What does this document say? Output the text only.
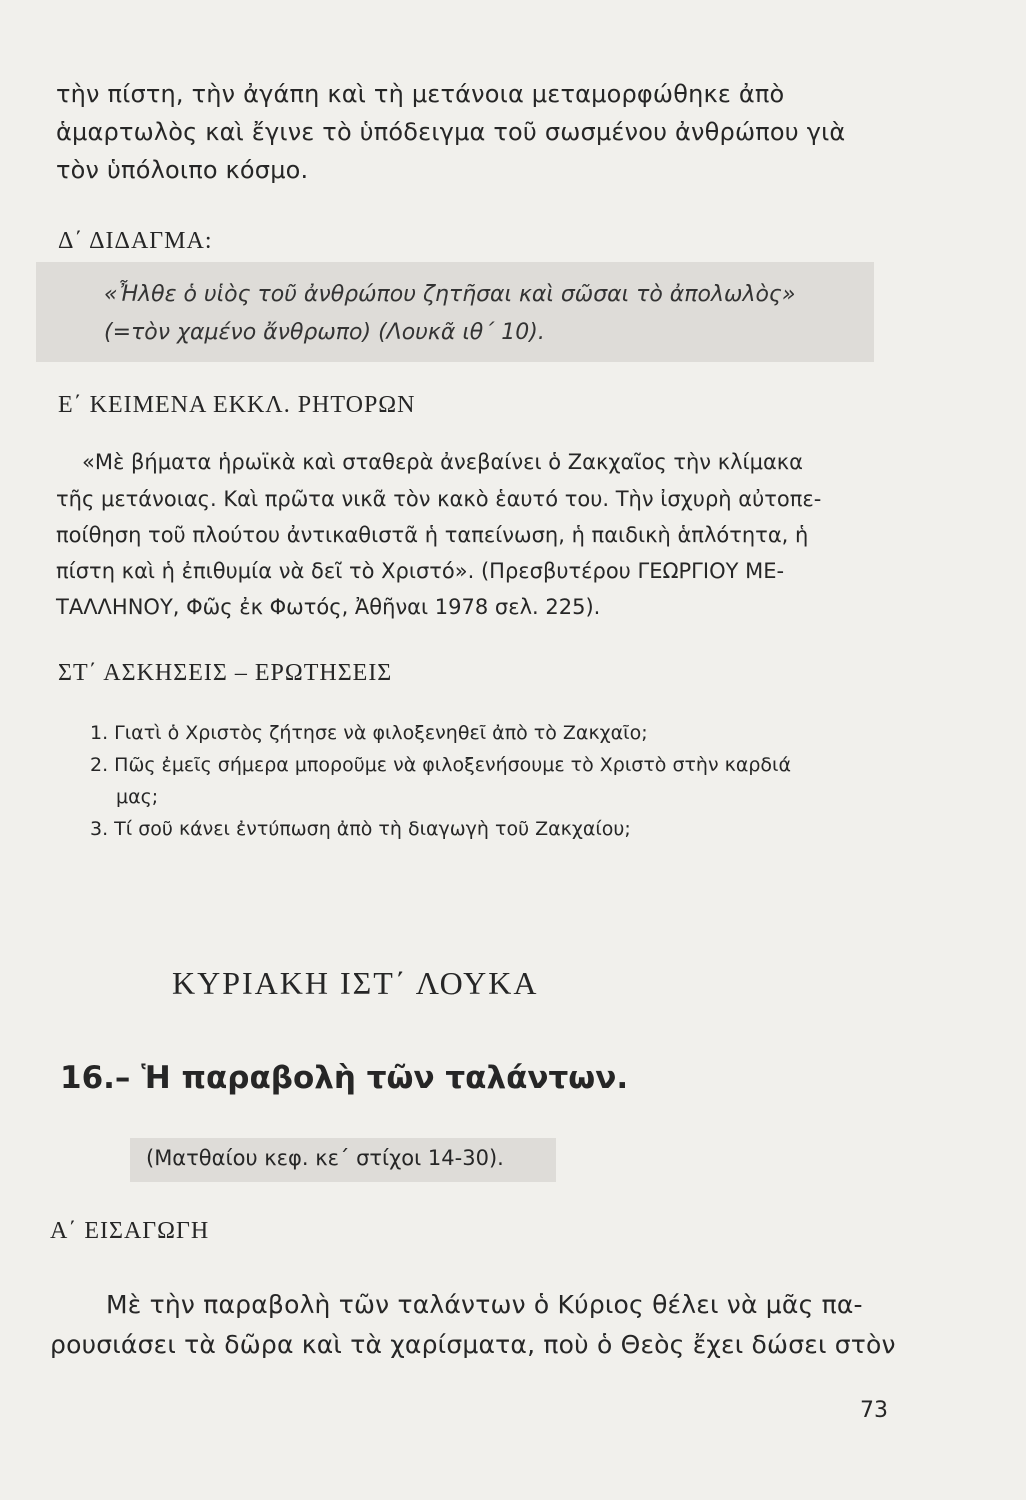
τὴν πίστη, τὴν ἀγάπη καὶ τὴ μετάνοια μεταμορφώθηκε ἀπὸ
ἁμαρτωλὸς καὶ ἔγινε τὸ ὑπόδειγμα τοῦ σωσμένου ἀνθρώπου γιὰ
τὸν ὑπόλοιπο κόσμο.
Δ΄ ΔΙΔΑΓΜΑ:
«Ἦλθε ὁ υἱὸς τοῦ ἀνθρώπου ζητῆσαι καὶ σῶσαι τὸ ἀπολωλὸς»
(=τὸν χαμένο ἄνθρωπο) (Λουκᾶ ιθ΄ 10).
Ε΄ ΚΕΙΜΕΝΑ ΕΚΚΛ. ΡΗΤΟΡΩΝ
«Μὲ βήματα ἡρωϊκὰ καὶ σταθερὰ ἀνεβαίνει ὁ Ζακχαῖος τὴν κλίμακα
τῆς μετάνοιας. Καὶ πρῶτα νικᾶ τὸν κακὸ ἑαυτό του. Τὴν ἰσχυρὴ αὐτοπε-
ποίθηση τοῦ πλούτου ἀντικαθιστᾶ ἡ ταπείνωση, ἡ παιδικὴ ἁπλότητα, ἡ
πίστη καὶ ἡ ἐπιθυμία νὰ δεῖ τὸ Χριστό». (Πρεσβυτέρου ΓΕΩΡΓΙΟΥ ΜΕ-
ΤΑΛΛΗΝΟΥ, Φῶς ἐκ Φωτός, Ἀθῆναι 1978 σελ. 225).
ΣΤ΄ ΑΣΚΗΣΕΙΣ – ΕΡΩΤΗΣΕΙΣ
1. Γιατὶ ὁ Χριστὸς ζήτησε νὰ φιλοξενηθεῖ ἀπὸ τὸ Ζακχαῖο;
2. Πῶς ἐμεῖς σήμερα μποροῦμε νὰ φιλοξενήσουμε τὸ Χριστὸ στὴν καρδιά
μας;
3. Τί σοῦ κάνει ἐντύπωση ἀπὸ τὴ διαγωγὴ τοῦ Ζακχαίου;
ΚΥΡΙΑΚΗ ΙΣΤ΄ ΛΟΥΚΑ
16.– Ἡ παραβολὴ τῶν ταλάντων.
(Ματθαίου κεφ. κε΄ στίχοι 14-30).
Α΄ ΕΙΣΑΓΩΓΗ
Μὲ τὴν παραβολὴ τῶν ταλάντων ὁ Κύριος θέλει νὰ μᾶς πα-
ρουσιάσει τὰ δῶρα καὶ τὰ χαρίσματα, ποὺ ὁ Θεὸς ἔχει δώσει στὸν
73
